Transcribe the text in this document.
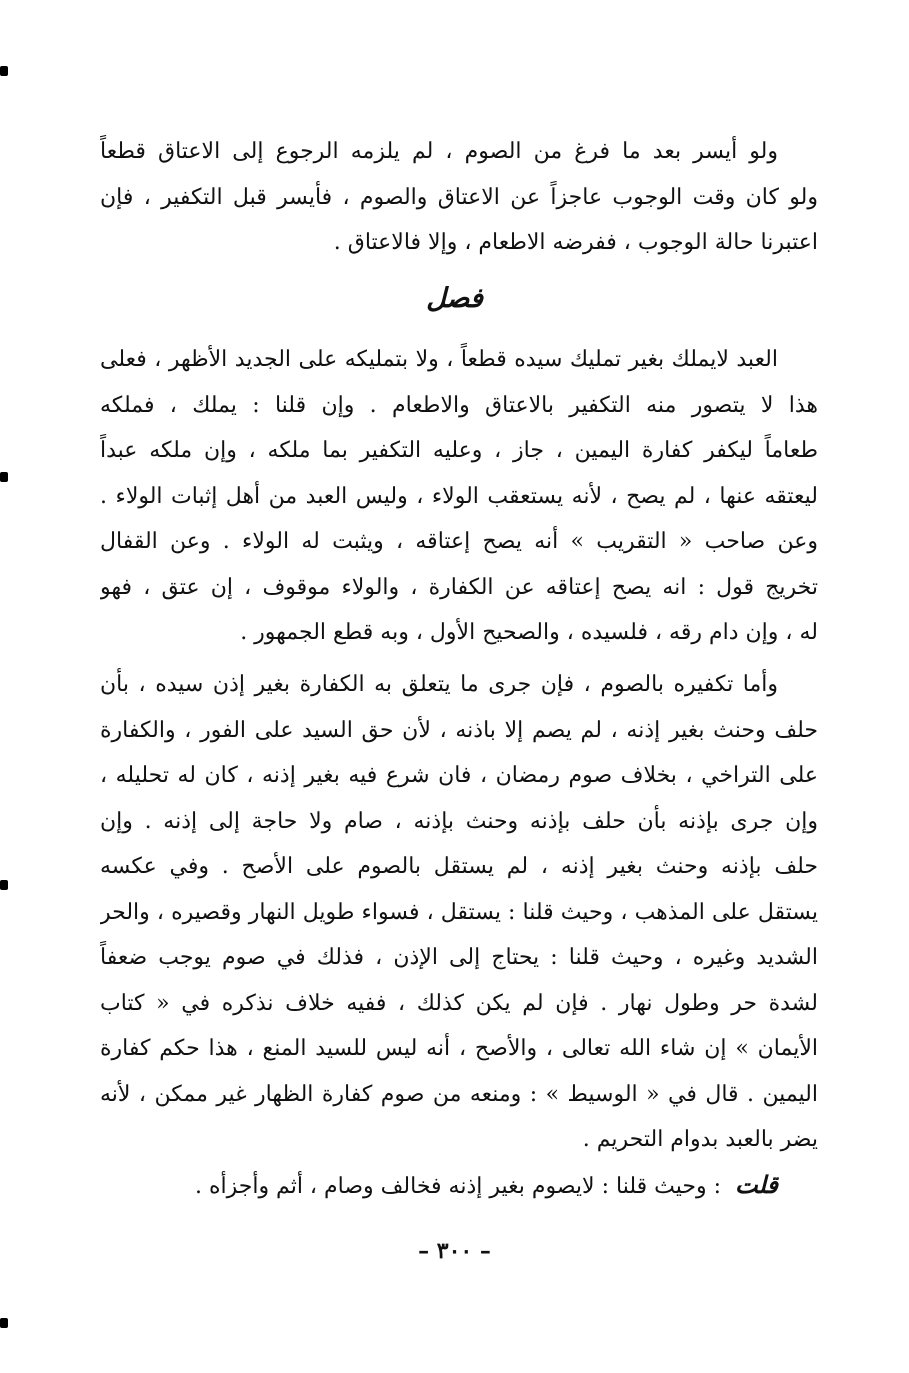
ولو أيسر بعد ما فرغ من الصوم ، لم يلزمه الرجوع إلى الاعتاق قطعاً
ولو كان وقت الوجوب عاجزاً عن الاعتاق والصوم ، فأيسر قبل التكفير ، فإن
اعتبرنا حالة الوجوب ، ففرضه الاطعام ، وإلا فالاعتاق .
فصل
العبد لايملك بغير تمليك سيده قطعاً ، ولا بتمليكه على الجديد الأظهر ، فعلى
هذا لا يتصور منه التكفير بالاعتاق والاطعام . وإن قلنا : يملك ، فملكه
طعاماً ليكفر كفارة اليمين ، جاز ، وعليه التكفير بما ملكه ، وإن ملكه عبداً
ليعتقه عنها ، لم يصح ، لأنه يستعقب الولاء ، وليس العبد من أهل إثبات الولاء .
وعن صاحب « التقريب » أنه يصح إعتاقه ، ويثبت له الولاء . وعن القفال
تخريج قول : انه يصح إعتاقه عن الكفارة ، والولاء موقوف ، إن عتق ، فهو
له ، وإن دام رقه ، فلسيده ، والصحيح الأول ، وبه قطع الجمهور .
وأما تكفيره بالصوم ، فإن جرى ما يتعلق به الكفارة بغير إذن سيده ، بأن
حلف وحنث بغير إذنه ، لم يصم إلا باذنه ، لأن حق السيد على الفور ، والكفارة
على التراخي ، بخلاف صوم رمضان ، فان شرع فيه بغير إذنه ، كان له تحليله ،
وإن جرى بإذنه بأن حلف بإذنه وحنث بإذنه ، صام ولا حاجة إلى إذنه . وإن
حلف بإذنه وحنث بغير إذنه ، لم يستقل بالصوم على الأصح . وفي عكسه
يستقل على المذهب ، وحيث قلنا : يستقل ، فسواء طويل النهار وقصيره ، والحر
الشديد وغيره ، وحيث قلنا : يحتاج إلى الإذن ، فذلك في صوم يوجب ضعفاً
لشدة حر وطول نهار . فإن لم يكن كذلك ، ففيه خلاف نذكره في « كتاب
الأيمان » إن شاء الله تعالى ، والأصح ، أنه ليس للسيد المنع ، هذا حكم كفارة
اليمين . قال في « الوسيط » : ومنعه من صوم كفارة الظهار غير ممكن ، لأنه
يضر بالعبد بدوام التحريم .
قلت: وحيث قلنا : لايصوم بغير إذنه فخالف وصام ، أثم وأجزأه .
– ٣٠٠ –
